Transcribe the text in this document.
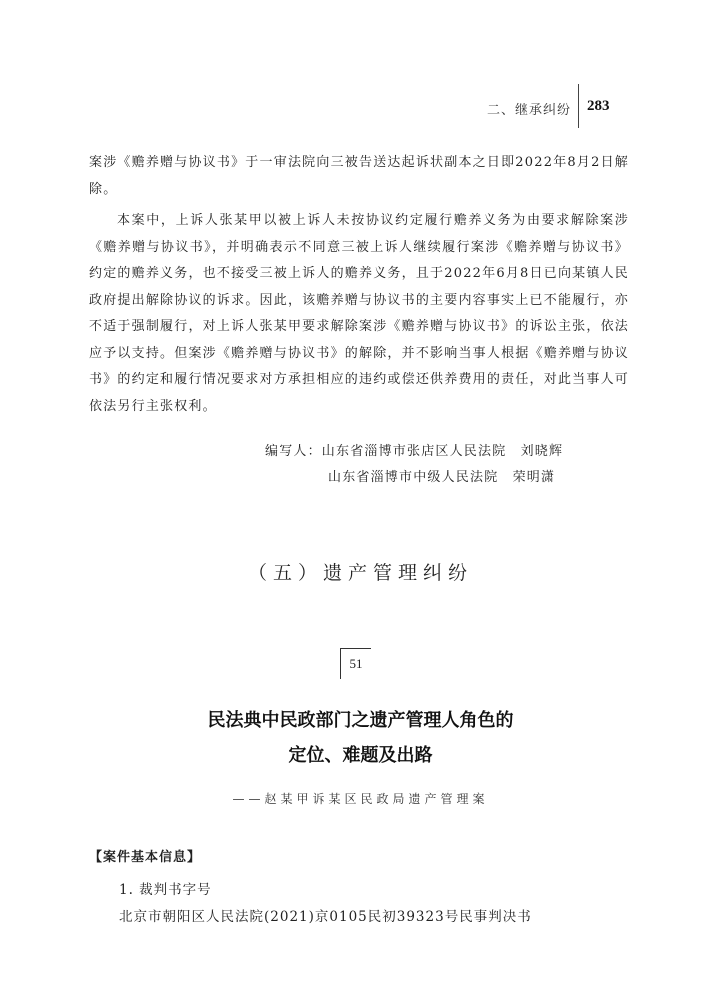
二、继承纠纷 283

案涉《赡养赠与协议书》于一审法院向三被告送达起诉状副本之日即2022年8月2日解除。

本案中，上诉人张某甲以被上诉人未按协议约定履行赡养义务为由要求解除案涉《赡养赠与协议书》，并明确表示不同意三被上诉人继续履行案涉《赡养赠与协议书》约定的赡养义务，也不接受三被上诉人的赡养义务，且于2022年6月8日已向某镇人民政府提出解除协议的诉求。因此，该赡养赠与协议书的主要内容事实上已不能履行，亦不适于强制履行，对上诉人张某甲要求解除案涉《赡养赠与协议书》的诉讼主张，依法应予以支持。但案涉《赡养赠与协议书》的解除，并不影响当事人根据《赡养赠与协议书》的约定和履行情况要求对方承担相应的违约或偿还供养费用的责任，对此当事人可依法另行主张权利。

编写人：山东省淄博市张店区人民法院　刘晓辉
山东省淄博市中级人民法院　荣明潇
（五）遗产管理纠纷
51
民法典中民政部门之遗产管理人角色的
定位、难题及出路
——赵某甲诉某区民政局遗产管理案
【案件基本信息】
1. 裁判书字号
北京市朝阳区人民法院(2021)京0105民初39323号民事判决书
